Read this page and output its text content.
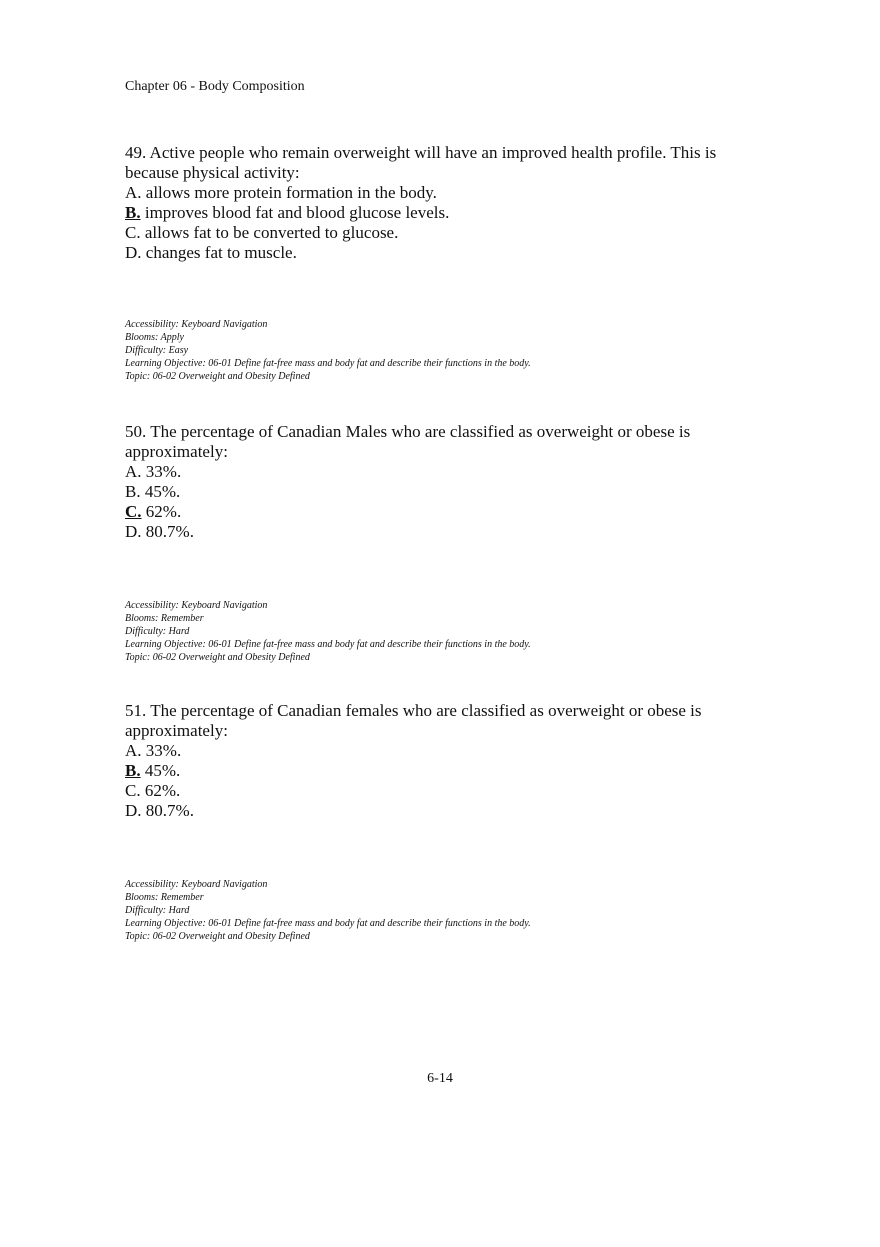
Chapter 06 - Body Composition
49. Active people who remain overweight will have an improved health profile. This is because physical activity:
A. allows more protein formation in the body.
B. improves blood fat and blood glucose levels.
C. allows fat to be converted to glucose.
D. changes fat to muscle.
Accessibility: Keyboard Navigation
Blooms: Apply
Difficulty: Easy
Learning Objective: 06-01 Define fat-free mass and body fat and describe their functions in the body.
Topic: 06-02 Overweight and Obesity Defined
50. The percentage of Canadian Males who are classified as overweight or obese is approximately:
A. 33%.
B. 45%.
C. 62%.
D. 80.7%.
Accessibility: Keyboard Navigation
Blooms: Remember
Difficulty: Hard
Learning Objective: 06-01 Define fat-free mass and body fat and describe their functions in the body.
Topic: 06-02 Overweight and Obesity Defined
51. The percentage of Canadian females who are classified as overweight or obese is approximately:
A. 33%.
B. 45%.
C. 62%.
D. 80.7%.
Accessibility: Keyboard Navigation
Blooms: Remember
Difficulty: Hard
Learning Objective: 06-01 Define fat-free mass and body fat and describe their functions in the body.
Topic: 06-02 Overweight and Obesity Defined
6-14
